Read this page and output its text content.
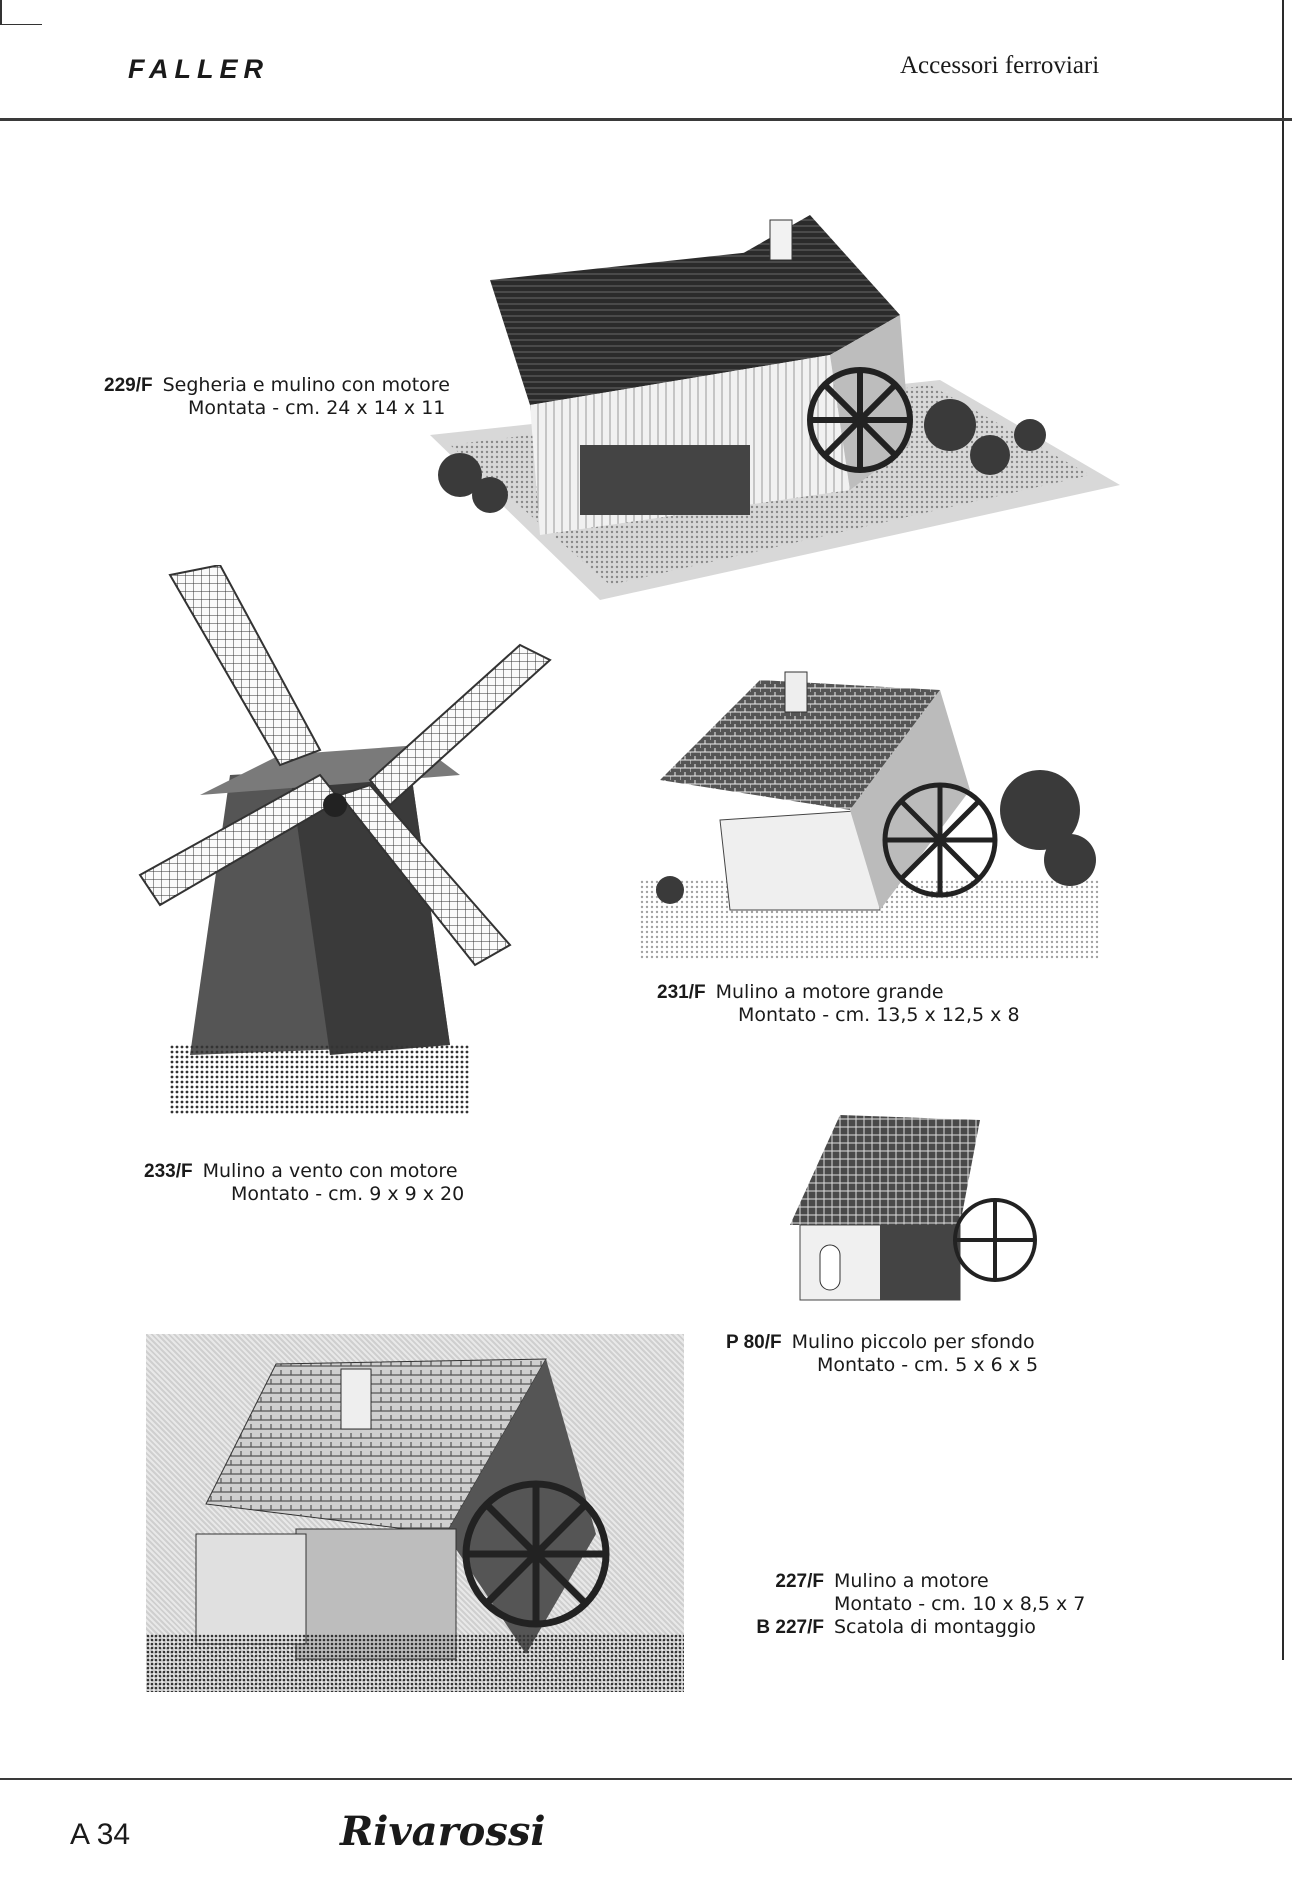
FALLER	Accessori ferroviari
229/F Segheria e mulino con motore
Montata - cm. 24 x 14 x 11
233/F Mulino a vento con motore
Montato - cm. 9 x 9 x 20
231/F Mulino a motore grande
Montato - cm. 13,5 x 12,5 x 8
P 80/F Mulino piccolo per sfondo
Montato - cm. 5 x 6 x 5
227/F Mulino a motore
Montato - cm. 10 x 8,5 x 7
B 227/F Scatola di montaggio
A 34	Rivarossi
